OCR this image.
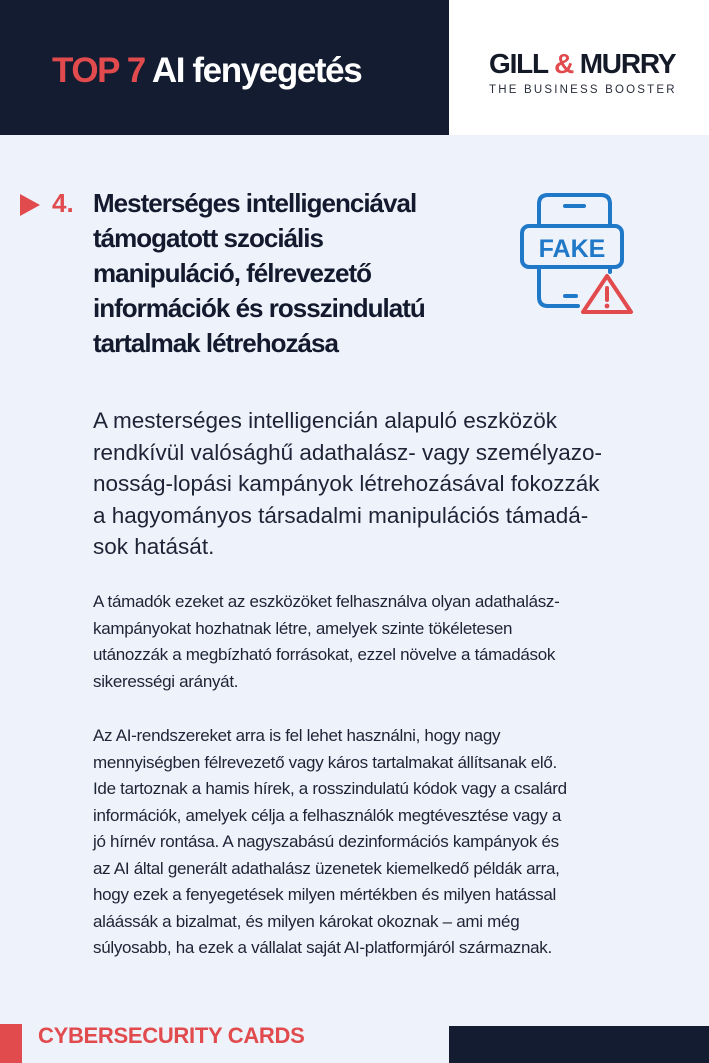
TOP 7 AI fenyegetés	GILL & MURRY
THE BUSINESS BOOSTER
4. Mesterséges intelligenciával
támogatott szociális
manipuláció, félrevezető
információk és rosszindulatú
tartalmak létrehozása
FAKE

A mesterséges intelligencián alapuló eszközök
rendkívül valósághű adathalász- vagy személyazo-
nosság-lopási kampányok létrehozásával fokozzák
a hagyományos társadalmi manipulációs támadá-
sok hatását.

A támadók ezeket az eszközöket felhasználva olyan adathalász-
kampányokat hozhatnak létre, amelyek szinte tökéletesen
utánozzák a megbízható forrásokat, ezzel növelve a támadások
sikerességi arányát.

Az AI-rendszereket arra is fel lehet használni, hogy nagy
mennyiségben félrevezető vagy káros tartalmakat állítsanak elő.
Ide tartoznak a hamis hírek, a rosszindulatú kódok vagy a csalárd
információk, amelyek célja a felhasználók megtévesztése vagy a
jó hírnév rontása. A nagyszabású dezinformációs kampányok és
az AI által generált adathalász üzenetek kiemelkedő példák arra,
hogy ezek a fenyegetések milyen mértékben és milyen hatással
aláássák a bizalmat, és milyen károkat okoznak – ami még
súlyosabb, ha ezek a vállalat saját AI-platformjáról származnak.

CYBERSECURITY CARDS
